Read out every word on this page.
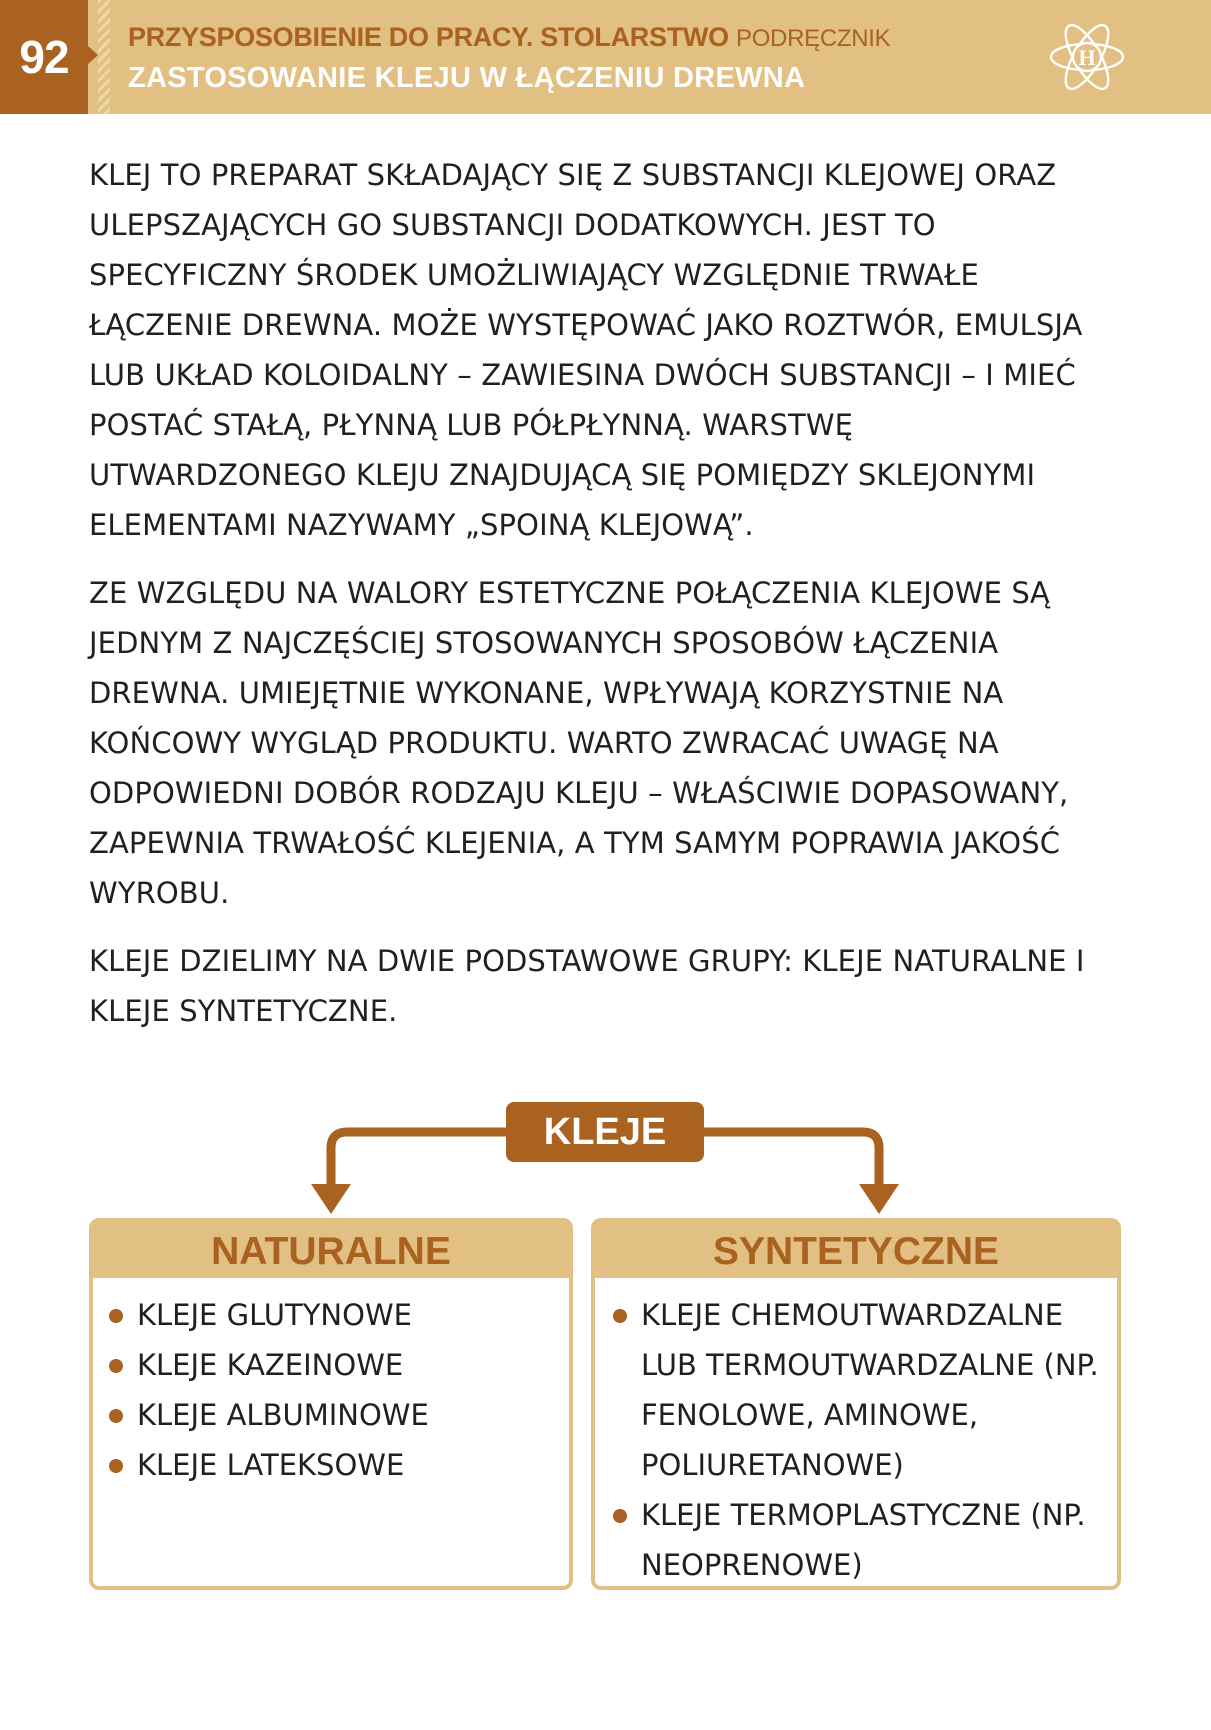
92	PRZYSPOSOBIENIE DO PRACY. STOLARSTWO PODRĘCZNIK
ZASTOSOWANIE KLEJU W ŁĄCZENIU DREWNA
H

KLEJ TO PREPARAT SKŁADAJĄCY SIĘ Z SUBSTANCJI KLEJOWEJ ORAZ ULEPSZAJĄCYCH GO SUBSTANCJI DODATKOWYCH. JEST TO SPECYFICZNY ŚRODEK UMOŻLIWIAJĄCY WZGLĘDNIE TRWAŁE ŁĄCZENIE DREWNA. MOŻE WYSTĘPOWAĆ JAKO ROZTWÓR, EMULSJA LUB UKŁAD KOLOIDALNY – ZAWIESINA DWÓCH SUBSTANCJI – I MIEĆ POSTAĆ STAŁĄ, PŁYNNĄ LUB PÓŁPŁYNNĄ. WARSTWĘ UTWARDZONEGO KLEJU ZNAJDUJĄCĄ SIĘ POMIĘDZY SKLEJONYMI ELEMENTAMI NAZYWAMY „SPOINĄ KLEJOWĄ”.

ZE WZGLĘDU NA WALORY ESTETYCZNE POŁĄCZENIA KLEJOWE SĄ JEDNYM Z NAJCZĘŚCIEJ STOSOWANYCH SPOSOBÓW ŁĄCZENIA DREWNA. UMIEJĘTNIE WYKONANE, WPŁYWAJĄ KORZYSTNIE NA KOŃCOWY WYGLĄD PRODUKTU. WARTO ZWRACAĆ UWAGĘ NA ODPOWIEDNI DOBÓR RODZAJU KLEJU – WŁAŚCIWIE DOPASOWANY, ZAPEWNIA TRWAŁOŚĆ KLEJENIA, A TYM SAMYM POPRAWIA JAKOŚĆ WYROBU.

KLEJE DZIELIMY NA DWIE PODSTAWOWE GRUPY: KLEJE NATURALNE I KLEJE SYNTETYCZNE.

KLEJE
NATURALNE
KLEJE GLUTYNOWE
KLEJE KAZEINOWE
KLEJE ALBUMINOWE
KLEJE LATEKSOWE
SYNTETYCZNE
KLEJE CHEMOUTWARDZALNE LUB TERMOUTWARDZALNE (NP. FENOLOWE, AMINOWE, POLIURETANOWE)
KLEJE TERMOPLASTYCZNE (NP. NEOPRENOWE)
